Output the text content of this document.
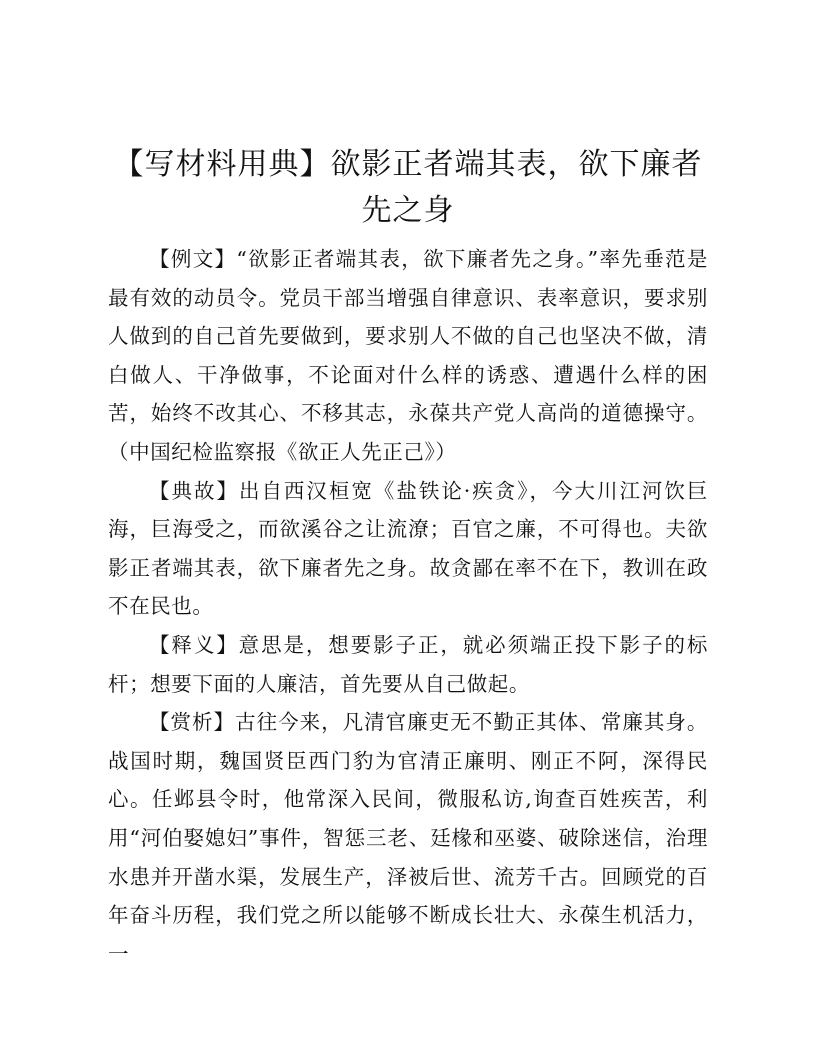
【写材料用典】欲影正者端其表，欲下廉者先之身

【例文】“欲影正者端其表，欲下廉者先之身。”率先垂范是最有效的动员令。党员干部当增强自律意识、表率意识，要求别人做到的自己首先要做到，要求别人不做的自己也坚决不做，清白做人、干净做事，不论面对什么样的诱惑、遭遇什么样的困苦，始终不改其心、不移其志，永葆共产党人高尚的道德操守。（中国纪检监察报《欲正人先正己》）

【典故】出自西汉桓宽《盐铁论·疾贪》，今大川江河饮巨海，巨海受之，而欲溪谷之让流潦；百官之廉，不可得也。夫欲影正者端其表，欲下廉者先之身。故贪鄙在率不在下，教训在政不在民也。

【释义】意思是，想要影子正，就必须端正投下影子的标杆；想要下面的人廉洁，首先要从自己做起。

【赏析】古往今来，凡清官廉吏无不勤正其体、常廉其身。战国时期，魏国贤臣西门豹为官清正廉明、刚正不阿，深得民心。任邺县令时，他常深入民间，微服私访,询查百姓疾苦，利用“河伯娶媳妇”事件，智惩三老、廷椽和巫婆、破除迷信，治理水患并开凿水渠，发展生产，泽被后世、流芳千古。回顾党的百年奋斗历程，我们党之所以能够不断成长壮大、永葆生机活力，一
